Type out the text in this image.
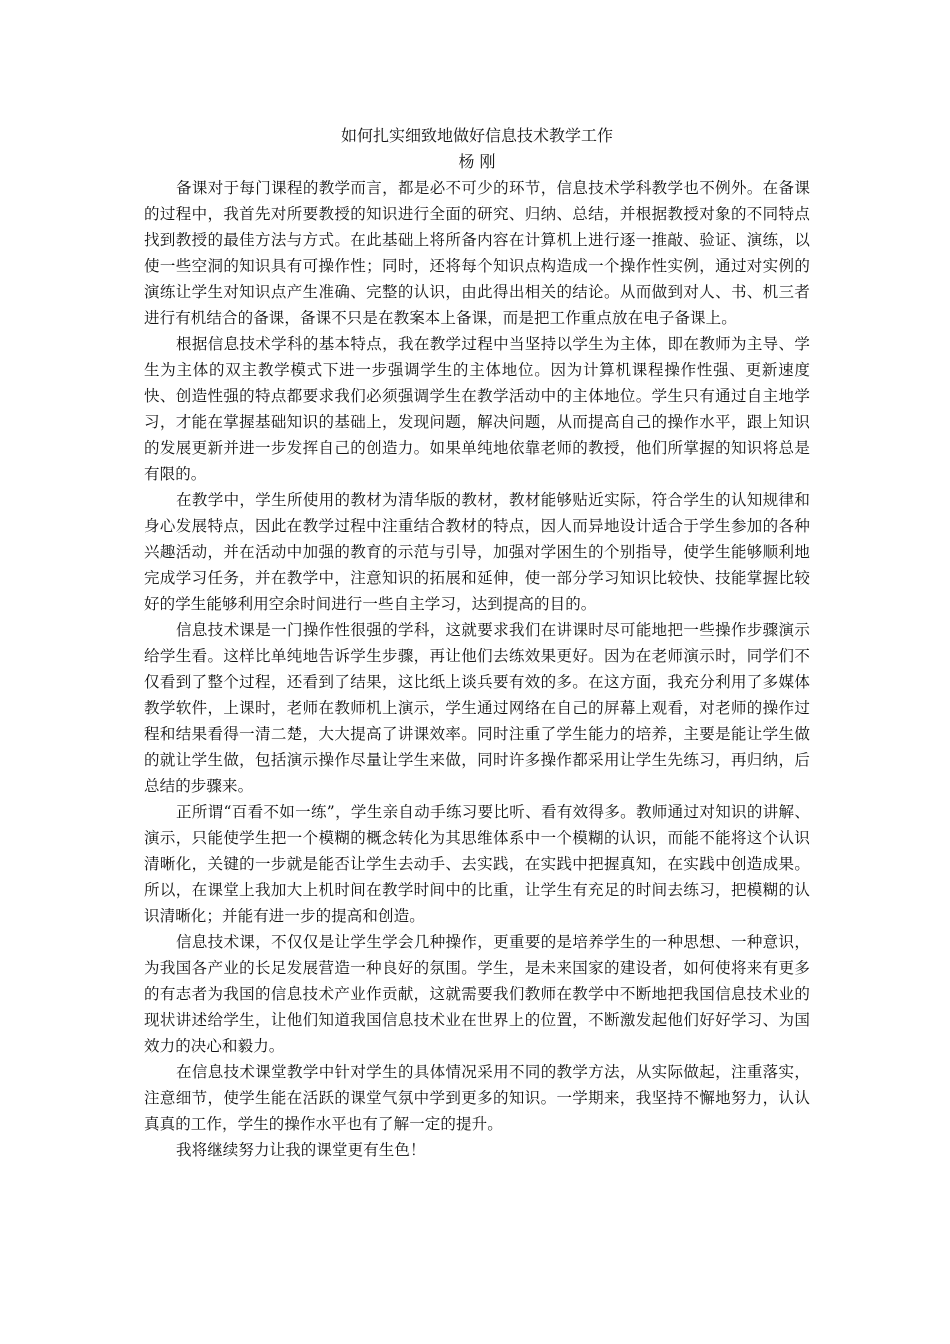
如何扎实细致地做好信息技术教学工作

杨 刚

备课对于每门课程的教学而言，都是必不可少的环节，信息技术学科教学也不例外。在备课的过程中，我首先对所要教授的知识进行全面的研究、归纳、总结，并根据教授对象的不同特点找到教授的最佳方法与方式。在此基础上将所备内容在计算机上进行逐一推敲、验证、演练，以使一些空洞的知识具有可操作性；同时，还将每个知识点构造成一个操作性实例，通过对实例的演练让学生对知识点产生准确、完整的认识，由此得出相关的结论。从而做到对人、书、机三者进行有机结合的备课，备课不只是在教案本上备课，而是把工作重点放在电子备课上。

根据信息技术学科的基本特点，我在教学过程中当坚持以学生为主体，即在教师为主导、学生为主体的双主教学模式下进一步强调学生的主体地位。因为计算机课程操作性强、更新速度快、创造性强的特点都要求我们必须强调学生在教学活动中的主体地位。学生只有通过自主地学习，才能在掌握基础知识的基础上，发现问题，解决问题，从而提高自己的操作水平，跟上知识的发展更新并进一步发挥自己的创造力。如果单纯地依靠老师的教授，他们所掌握的知识将总是有限的。

在教学中，学生所使用的教材为清华版的教材，教材能够贴近实际，符合学生的认知规律和身心发展特点，因此在教学过程中注重结合教材的特点，因人而异地设计适合于学生参加的各种兴趣活动，并在活动中加强的教育的示范与引导，加强对学困生的个别指导，使学生能够顺利地完成学习任务，并在教学中，注意知识的拓展和延伸，使一部分学习知识比较快、技能掌握比较好的学生能够利用空余时间进行一些自主学习，达到提高的目的。

信息技术课是一门操作性很强的学科，这就要求我们在讲课时尽可能地把一些操作步骤演示给学生看。这样比单纯地告诉学生步骤，再让他们去练效果更好。因为在老师演示时，同学们不仅看到了整个过程，还看到了结果，这比纸上谈兵要有效的多。在这方面，我充分利用了多媒体教学软件，上课时，老师在教师机上演示，学生通过网络在自己的屏幕上观看，对老师的操作过程和结果看得一清二楚，大大提高了讲课效率。同时注重了学生能力的培养，主要是能让学生做的就让学生做，包括演示操作尽量让学生来做，同时许多操作都采用让学生先练习，再归纳，后总结的步骤来。

正所谓“百看不如一练”，学生亲自动手练习要比听、看有效得多。教师通过对知识的讲解、演示，只能使学生把一个模糊的概念转化为其思维体系中一个模糊的认识，而能不能将这个认识清晰化，关键的一步就是能否让学生去动手、去实践，在实践中把握真知，在实践中创造成果。所以，在课堂上我加大上机时间在教学时间中的比重，让学生有充足的时间去练习，把模糊的认识清晰化；并能有进一步的提高和创造。

信息技术课，不仅仅是让学生学会几种操作，更重要的是培养学生的一种思想、一种意识，为我国各产业的长足发展营造一种良好的氛围。学生，是未来国家的建设者，如何使将来有更多的有志者为我国的信息技术产业作贡献，这就需要我们教师在教学中不断地把我国信息技术业的现状讲述给学生，让他们知道我国信息技术业在世界上的位置，不断激发起他们好好学习、为国效力的决心和毅力。

在信息技术课堂教学中针对学生的具体情况采用不同的教学方法，从实际做起，注重落实，注意细节，使学生能在活跃的课堂气氛中学到更多的知识。一学期来，我坚持不懈地努力，认认真真的工作，学生的操作水平也有了解一定的提升。

我将继续努力让我的课堂更有生色！
